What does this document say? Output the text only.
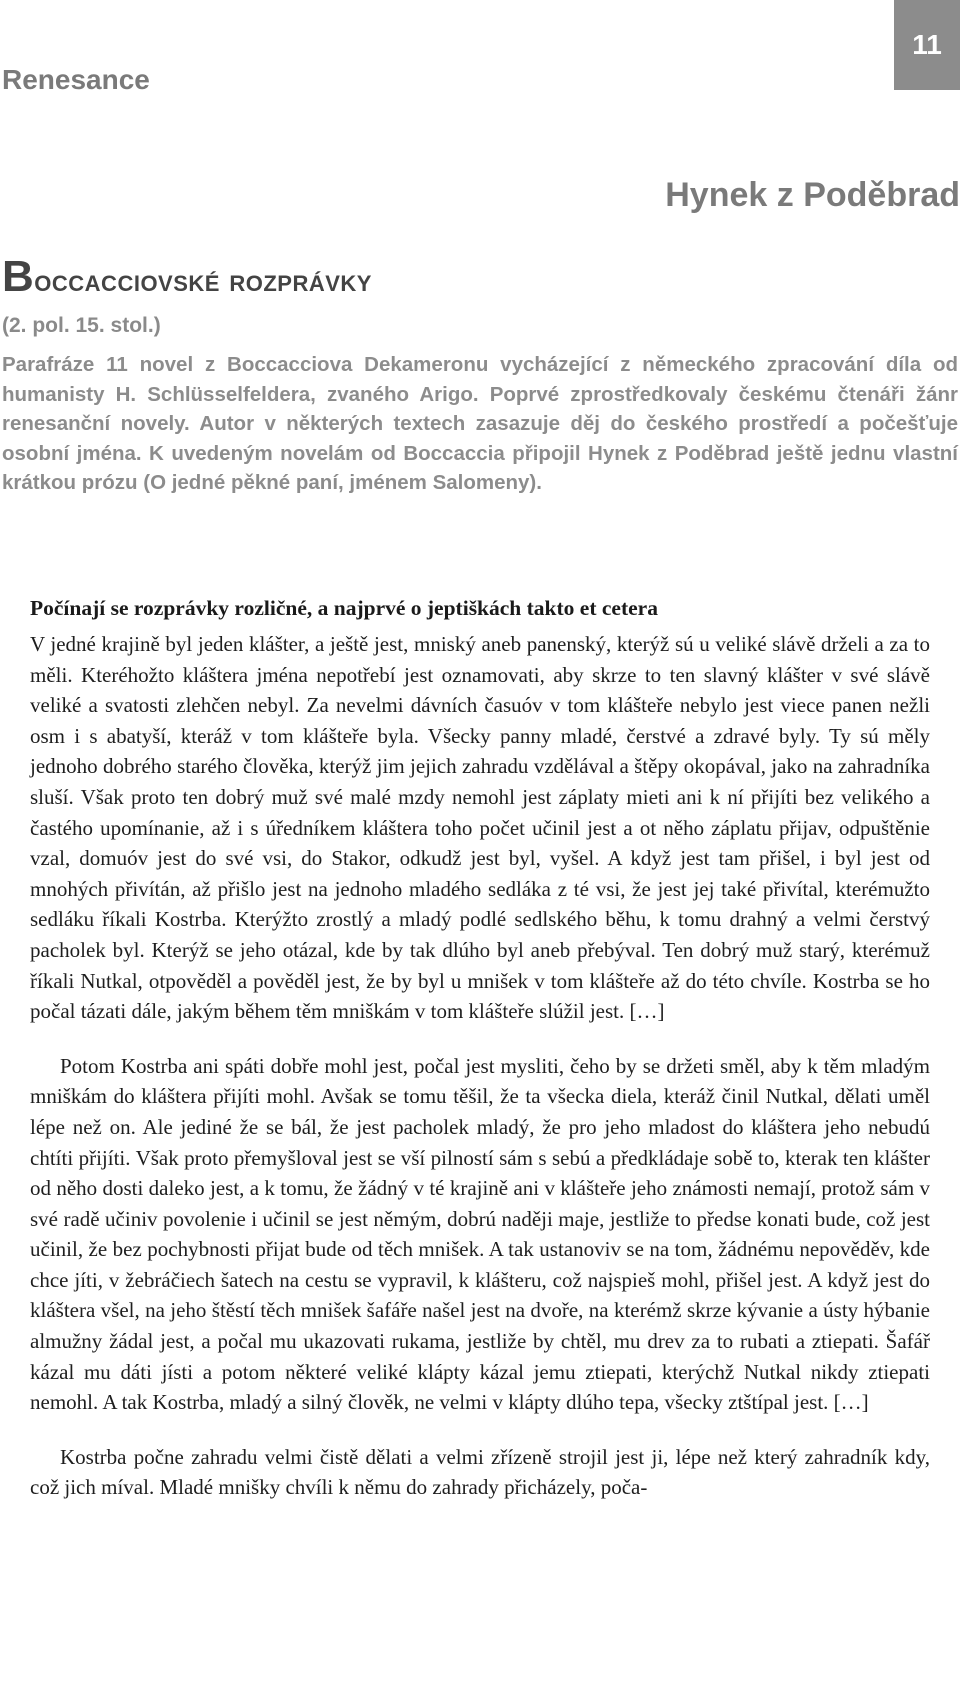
11
Renesance
Hynek z Poděbrad
Boccacciovské rozprávky

(2. pol. 15. stol.)

Parafráze 11 novel z Boccacciova Dekameronu vycházející z německého zpracování díla od humanisty H. Schlüsselfeldera, zvaného Arigo. Poprvé zprostředkovaly českému čtenáři žánr renesanční novely. Autor v některých textech zasazuje děj do českého prostředí a počešťuje osobní jména. K uvedeným novelám od Boccaccia připojil Hynek z Poděbrad ještě jednu vlastní krátkou prózu (O jedné pěkné paní, jménem Salomeny).

Počínají se rozprávky rozličné, a najprvé o jeptiškách takto et cetera

V jedné krajině byl jeden klášter, a ještě jest, mniský aneb panenský, kterýž sú u veliké slávě drželi a za to měli. Kteréhožto kláštera jména nepotřebí jest oznamovati, aby skrze to ten slavný klášter v své slávě veliké a svatosti zlehčen nebyl. Za nevelmi dávních časuóv v tom klášteře nebylo jest viece panen nežli osm i s abatyší, kteráž v tom klášteře byla. Všecky panny mladé, čerstvé a zdravé byly. Ty sú měly jednoho dobrého starého člověka, kterýž jim jejich zahradu vzdělával a štěpy okopával, jako na zahradníka sluší. Však proto ten dobrý muž své malé mzdy nemohl jest záplaty mieti ani k ní přijíti bez velikého a častého upomínanie, až i s úředníkem kláštera toho počet učinil jest a ot něho záplatu přijav, odpuštěnie vzal, domuóv jest do své vsi, do Stakor, odkudž jest byl, vyšel. A když jest tam přišel, i byl jest od mnohých přivítán, až přišlo jest na jednoho mladého sedláka z té vsi, že jest jej také přivítal, kterémužto sedláku říkali Kostrba. Kterýžto zrostlý a mladý podlé sedlského běhu, k tomu drahný a velmi čerstvý pacholek byl. Kterýž se jeho otázal, kde by tak dlúho byl aneb přebýval. Ten dobrý muž starý, kterémuž říkali Nutkal, otpověděl a pověděl jest, že by byl u mnišek v tom klášteře až do této chvíle. Kostrba se ho počal tázati dále, jakým během těm mniškám v tom klášteře slúžil jest. […]

Potom Kostrba ani spáti dobře mohl jest, počal jest mysliti, čeho by se držeti směl, aby k těm mladým mniškám do kláštera přijíti mohl. Avšak se tomu těšil, že ta všecka diela, kteráž činil Nutkal, dělati uměl lépe než on. Ale jediné že se bál, že jest pacholek mladý, že pro jeho mladost do kláštera jeho nebudú chtíti přijíti. Však proto přemyšloval jest se vší pilností sám s sebú a předkládaje sobě to, kterak ten klášter od něho dosti daleko jest, a k tomu, že žádný v té krajině ani v klášteře jeho známosti nemají, protož sám v své radě učiniv povolenie i učinil se jest němým, dobrú naději maje, jestliže to předse konati bude, což jest učinil, že bez pochybnosti přijat bude od těch mnišek. A tak ustanoviv se na tom, žádnému nepověděv, kde chce jíti, v žebráčiech šatech na cestu se vypravil, k klášteru, což najspieš mohl, přišel jest. A když jest do kláštera všel, na jeho štěstí těch mnišek šafáře našel jest na dvoře, na kterémž skrze kývanie a ústy hýbanie almužny žádal jest, a počal mu ukazovati rukama, jestliže by chtěl, mu drev za to rubati a ztiepati. Šafář kázal mu dáti jísti a potom některé veliké klápty kázal jemu ztiepati, kterýchž Nutkal nikdy ztiepati nemohl. A tak Kostrba, mladý a silný člověk, ne velmi v klápty dlúho tepa, všecky ztštípal jest. […]

Kostrba počne zahradu velmi čistě dělati a velmi zřízeně strojil jest ji, lépe než který zahradník kdy, což jich míval. Mladé mnišky chvíli k němu do zahrady přicházely, poča-
